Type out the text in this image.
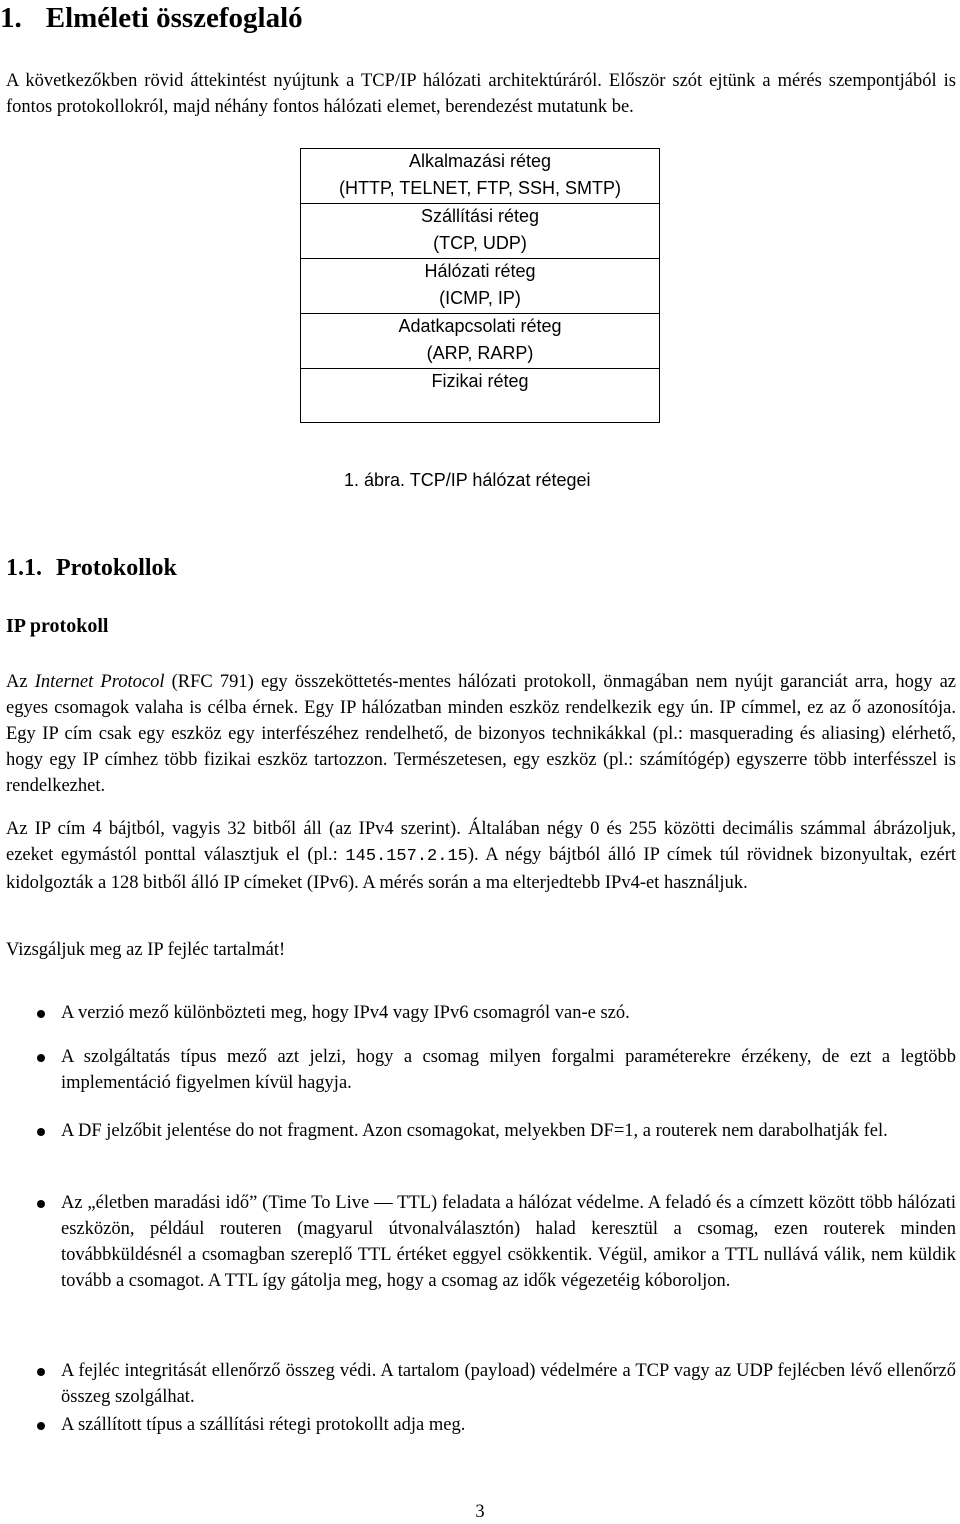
1. Elméleti összefoglaló

A következőkben rövid áttekintést nyújtunk a TCP/IP hálózati architektúráról. Először szót ejtünk a mérés szempontjából is fontos protokollokról, majd néhány fontos hálózati elemet, berendezést mutatunk be.

Alkalmazási réteg
(HTTP, TELNET, FTP, SSH, SMTP)
Szállítási réteg
(TCP, UDP)
Hálózati réteg
(ICMP, IP)
Adatkapcsolati réteg
(ARP, RARP)
Fizikai réteg
1. ábra. TCP/IP hálózat rétegei
1.1. Protokollok
IP protokoll

Az Internet Protocol (RFC 791) egy összeköttetés-mentes hálózati protokoll, önmagában nem nyújt garanciát arra, hogy az egyes csomagok valaha is célba érnek. Egy IP hálózatban minden eszköz rendelkezik egy ún. IP címmel, ez az ő azonosítója. Egy IP cím csak egy eszköz egy interfészéhez rendelhető, de bizonyos technikákkal (pl.: masquerading és aliasing) elérhető, hogy egy IP címhez több fizikai eszköz tartozzon. Természetesen, egy eszköz (pl.: számítógép) egyszerre több interfésszel is rendelkezhet.

Az IP cím 4 bájtból, vagyis 32 bitből áll (az IPv4 szerint). Általában négy 0 és 255 közötti decimális számmal ábrázoljuk, ezeket egymástól ponttal választjuk el (pl.: 145.157.2.15). A négy bájtból álló IP címek túl rövidnek bizonyultak, ezért kidolgozták a 128 bitből álló IP címeket (IPv6). A mérés során a ma elterjedtebb IPv4-et használjuk.

Vizsgáljuk meg az IP fejléc tartalmát!

A verzió mező különbözteti meg, hogy IPv4 vagy IPv6 csomagról van-e szó.

A szolgáltatás típus mező azt jelzi, hogy a csomag milyen forgalmi paraméterekre érzékeny, de ezt a legtöbb implementáció figyelmen kívül hagyja.

A DF jelzőbit jelentése do not fragment. Azon csomagokat, melyekben DF=1, a routerek nem darabolhatják fel.

Az „életben maradási idő” (Time To Live — TTL) feladata a hálózat védelme. A feladó és a címzett között több hálózati eszközön, például routeren (magyarul útvonalválasztón) halad keresztül a csomag, ezen routerek minden továbbküldésnél a csomagban szereplő TTL értéket eggyel csökkentik. Végül, amikor a TTL nullává válik, nem küldik tovább a csomagot. A TTL így gátolja meg, hogy a csomag az idők végezetéig kóboroljon.

A fejléc integritását ellenőrző összeg védi. A tartalom (payload) védelmére a TCP vagy az UDP fejlécben lévő ellenőrző összeg szolgálhat.

A szállított típus a szállítási rétegi protokollt adja meg.

3
